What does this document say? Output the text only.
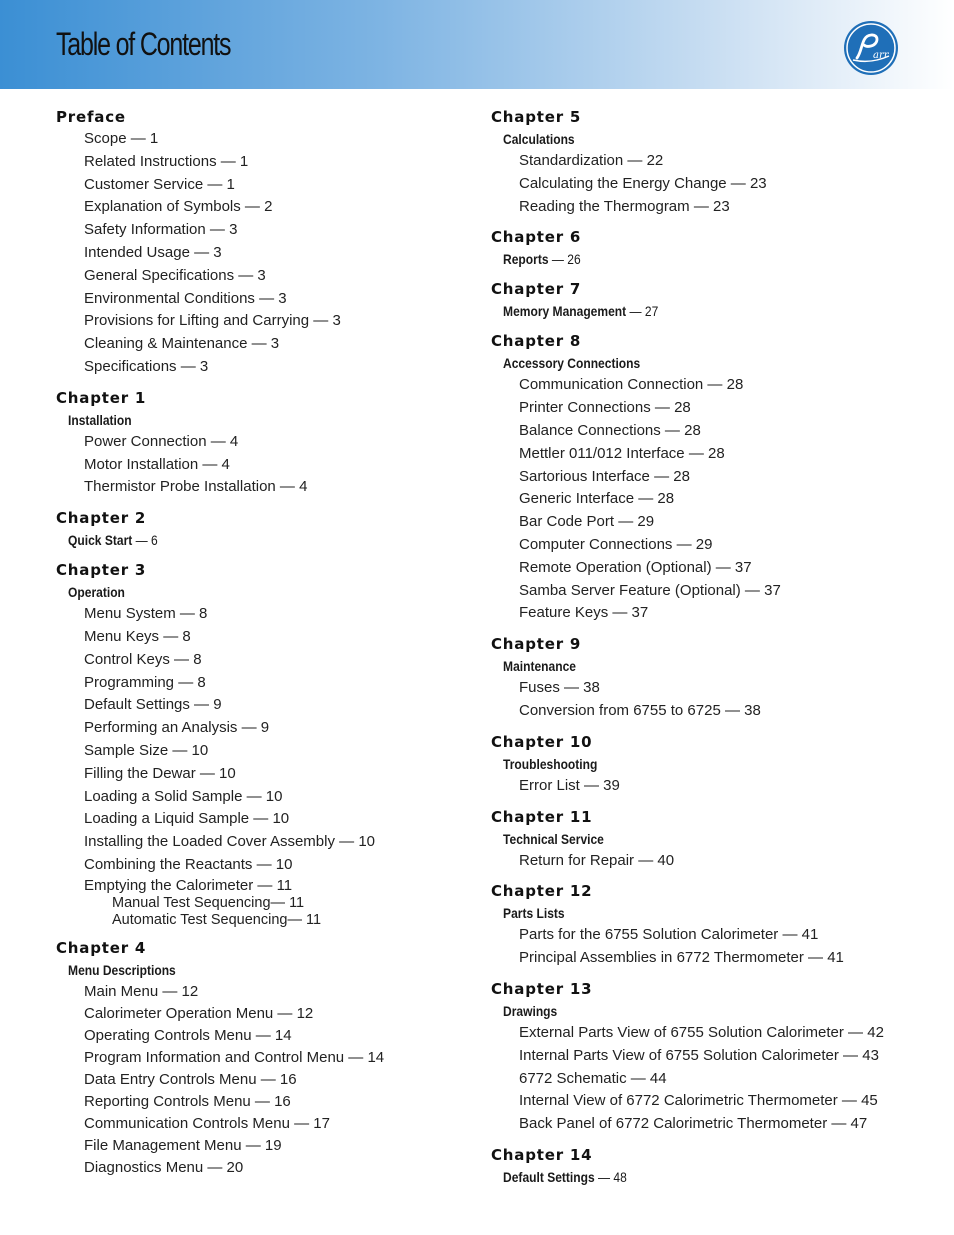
Table of Contents	arr
Preface
Scope — 1
Related Instructions — 1
Customer Service — 1
Explanation of Symbols — 2
Safety Information — 3
Intended Usage — 3
General Specifications — 3
Environmental Conditions — 3
Provisions for Lifting and Carrying — 3
Cleaning & Maintenance — 3
Specifications — 3
Chapter 1
Installation
Power Connection — 4
Motor Installation — 4
Thermistor Probe Installation — 4
Chapter 2
Quick Start — 6
Chapter 3
Operation
Menu System — 8
Menu Keys — 8
Control Keys — 8
Programming — 8
Default Settings — 9
Performing an Analysis — 9
Sample Size — 10
Filling the Dewar — 10
Loading a Solid Sample — 10
Loading a Liquid Sample — 10
Installing the Loaded Cover Assembly — 10
Combining the Reactants — 10
Emptying the Calorimeter — 11
Manual Test Sequencing— 11
Automatic Test Sequencing— 11
Chapter 4
Menu Descriptions
Main Menu — 12
Calorimeter Operation Menu — 12
Operating Controls Menu — 14
Program Information and Control Menu — 14
Data Entry Controls Menu — 16
Reporting Controls Menu — 16
Communication Controls Menu — 17
File Management Menu — 19
Diagnostics Menu — 20
Chapter 5
Calculations
Standardization — 22
Calculating the Energy Change — 23
Reading the Thermogram — 23
Chapter 6
Reports — 26
Chapter 7
Memory Management — 27
Chapter 8
Accessory Connections
Communication Connection — 28
Printer Connections — 28
Balance Connections — 28
Mettler 011/012 Interface — 28
Sartorious Interface — 28
Generic Interface — 28
Bar Code Port — 29
Computer Connections — 29
Remote Operation (Optional) — 37
Samba Server Feature (Optional) — 37
Feature Keys — 37
Chapter 9
Maintenance
Fuses — 38
Conversion from 6755 to 6725 — 38
Chapter 10
Troubleshooting
Error List — 39
Chapter 11
Technical Service
Return for Repair — 40
Chapter 12
Parts Lists
Parts for the 6755 Solution Calorimeter — 41
Principal Assemblies in 6772 Thermometer — 41
Chapter 13
Drawings
External Parts View of 6755 Solution Calorimeter — 42
Internal Parts View of 6755 Solution Calorimeter — 43
6772 Schematic — 44
Internal View of 6772 Calorimetric Thermometer — 45
Back Panel of 6772 Calorimetric Thermometer — 47
Chapter 14
Default Settings — 48
